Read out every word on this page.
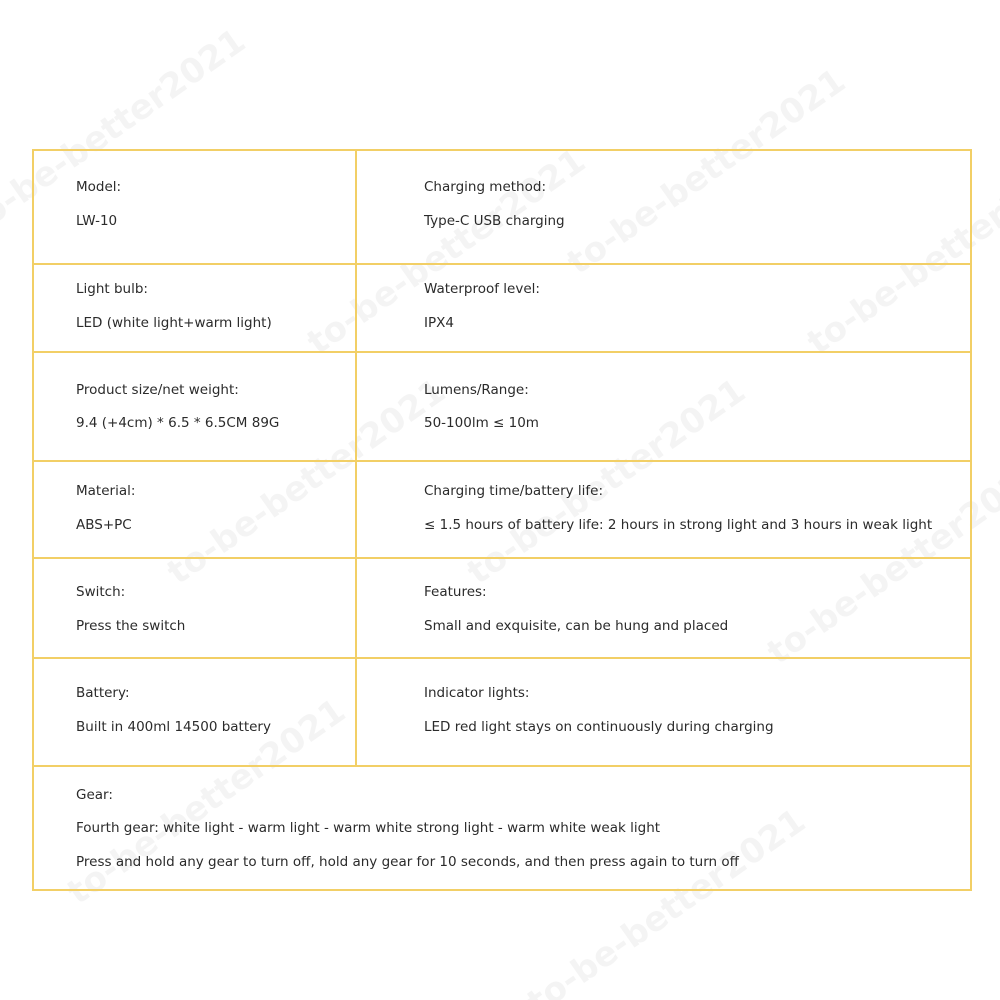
Model:
LW-10
Charging method:
Type-C USB charging
Light bulb:
LED (white light+warm light)
Waterproof level:
IPX4
Product size/net weight:
9.4 (+4cm) * 6.5 * 6.5CM 89G
Lumens/Range:
50-100lm ≤ 10m
Material:
ABS+PC
Charging time/battery life:
≤ 1.5 hours of battery life: 2 hours in strong light and 3 hours in weak light
Switch:
Press the switch
Features:
Small and exquisite, can be hung and placed
Battery:
Built in 400ml 14500 battery
Indicator lights:
LED red light stays on continuously during charging
Gear:
Fourth gear: white light - warm light - warm white strong light - warm white weak light
Press and hold any gear to turn off, hold any gear for 10 seconds, and then press again to turn off
